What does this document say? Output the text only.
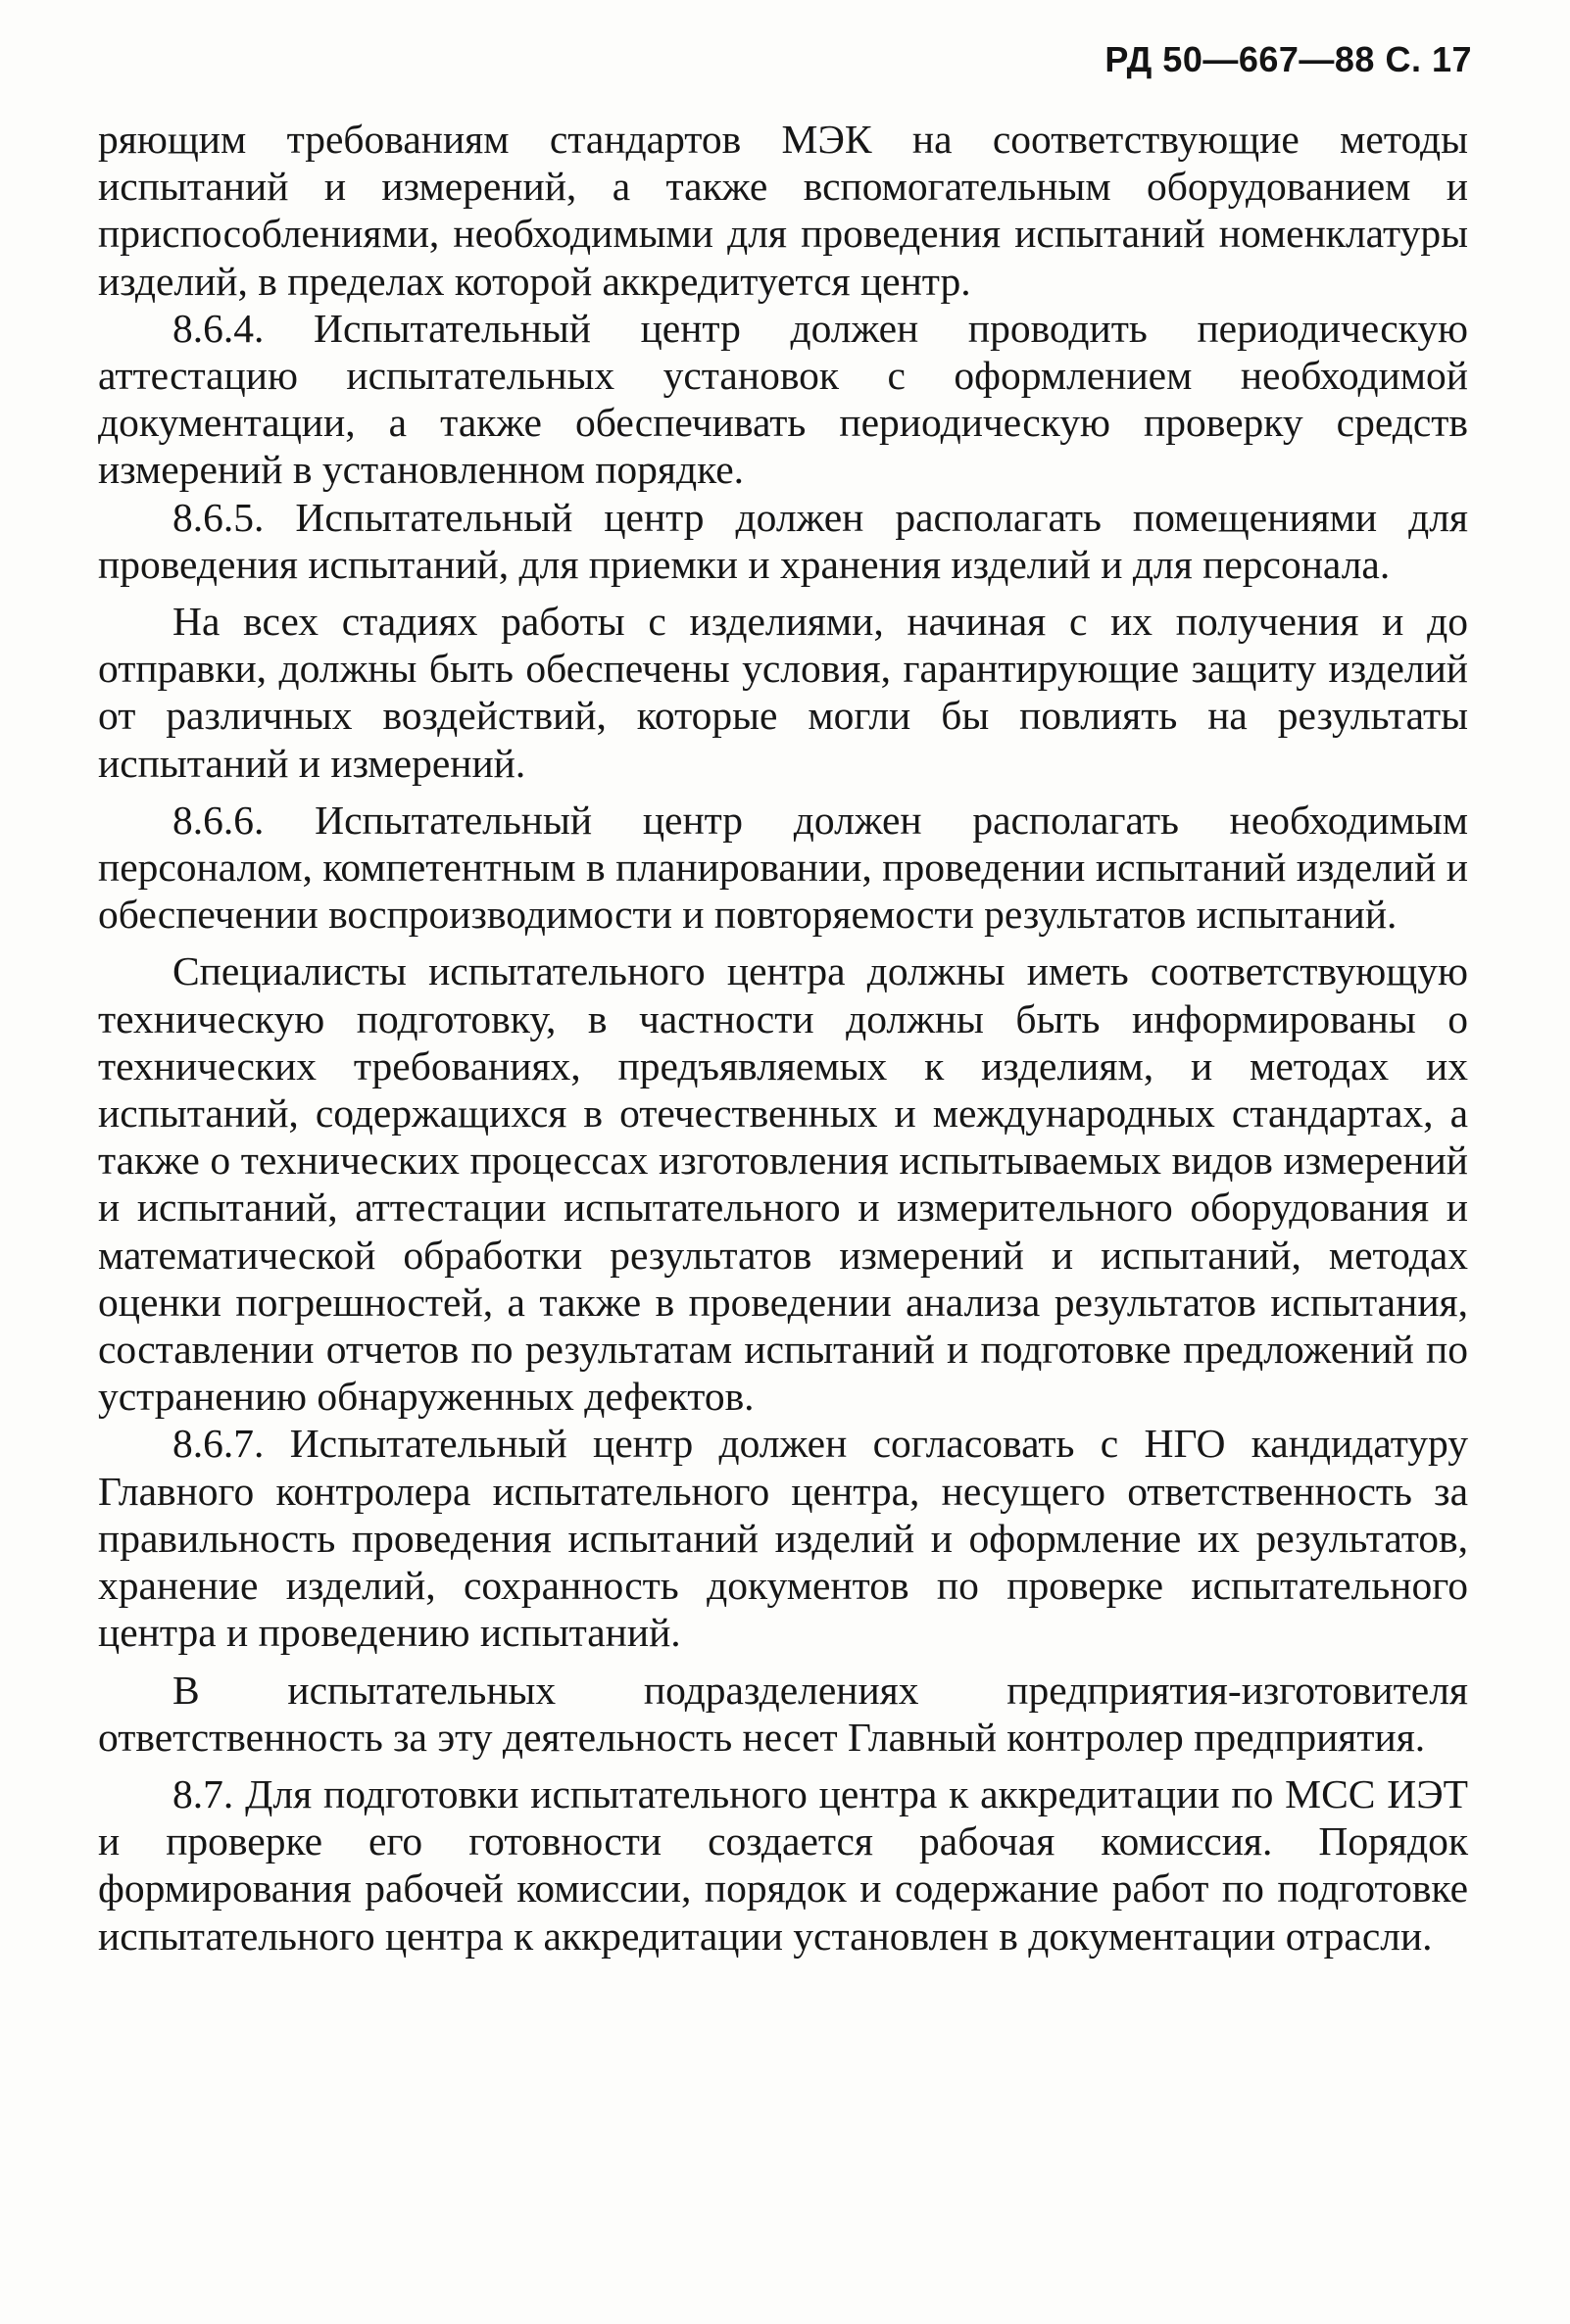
РД 50—667—88 С. 17

ряющим требованиям стандартов МЭК на соответствующие методы испытаний и измерений, а также вспомогательным оборудованием и приспособлениями, необходимыми для проведения испытаний номенклатуры изделий, в пределах которой аккредитуется центр.

8.6.4. Испытательный центр должен проводить периодическую аттестацию испытательных установок с оформлением необходимой документации, а также обеспечивать периодическую проверку средств измерений в установленном порядке.

8.6.5. Испытательный центр должен располагать помещениями для проведения испытаний, для приемки и хранения изделий и для персонала.

На всех стадиях работы с изделиями, начиная с их получения и до отправки, должны быть обеспечены условия, гарантирующие защиту изделий от различных воздействий, которые могли бы повлиять на результаты испытаний и измерений.

8.6.6. Испытательный центр должен располагать необходимым персоналом, компетентным в планировании, проведении испытаний изделий и обеспечении воспроизводимости и повторяемости результатов испытаний.

Специалисты испытательного центра должны иметь соответствующую техническую подготовку, в частности должны быть информированы о технических требованиях, предъявляемых к изделиям, и методах их испытаний, содержащихся в отечественных и международных стандартах, а также о технических процессах изготовления испытываемых видов измерений и испытаний, аттестации испытательного и измерительного оборудования и математической обработки результатов измерений и испытаний, методах оценки погрешностей, а также в проведении анализа результатов испытания, составлении отчетов по результатам испытаний и подготовке предложений по устранению обнаруженных дефектов.

8.6.7. Испытательный центр должен согласовать с НГО кандидатуру Главного контролера испытательного центра, несущего ответственность за правильность проведения испытаний изделий и оформление их результатов, хранение изделий, сохранность документов по проверке испытательного центра и проведению испытаний.

В испытательных подразделениях предприятия-изготовителя ответственность за эту деятельность несет Главный контролер предприятия.

8.7. Для подготовки испытательного центра к аккредитации по МСС ИЭТ и проверке его готовности создается рабочая комиссия. Порядок формирования рабочей комиссии, порядок и содержание работ по подготовке испытательного центра к аккредитации установлен в документации отрасли.
